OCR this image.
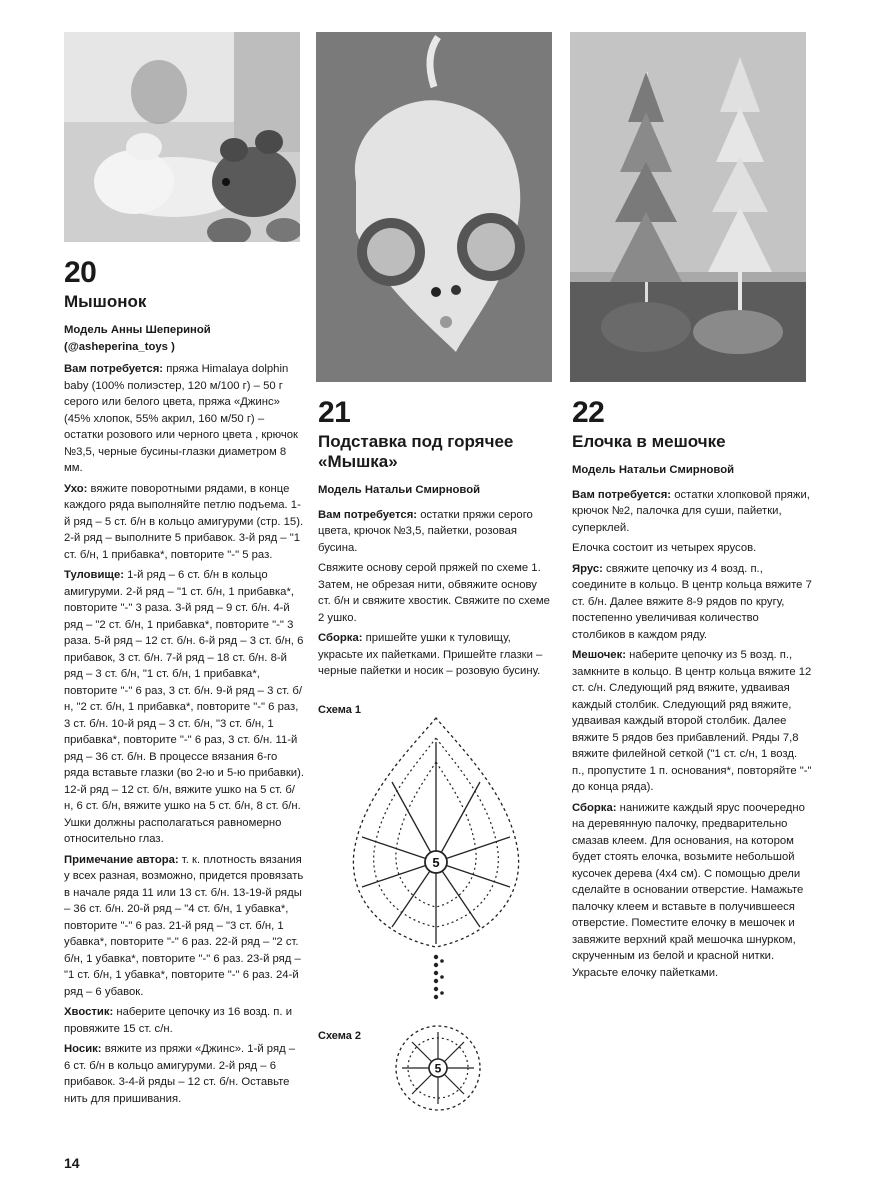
20
Мышонок
Модель Анны Шепериной
(@asheperina_toys )

Вам потребуется: пряжа Himalaya dolphin baby (100% полиэстер, 120 м/100 г) – 50 г серого или белого цвета, пряжа «Джинс» (45% хлопок, 55% акрил, 160 м/50 г) – остатки розового или черного цвета , крючок №3,5, черные бусины-глазки диаметром 8 мм.

Ухо: вяжите поворотными рядами, в конце каждого ряда выполняйте петлю подъема. 1-й ряд – 5 ст. б/н в кольцо амигуруми (стр. 15). 2-й ряд – выполните 5 прибавок. 3-й ряд – "1 ст. б/н, 1 прибавка*, повторите "-" 5 раз.

Туловище: 1-й ряд – 6 ст. б/н в кольцо амигуруми. 2-й ряд – "1 ст. б/н, 1 прибавка*, повторите "-" 3 раза. 3-й ряд – 9 ст. б/н. 4-й ряд – "2 ст. б/н, 1 прибавка*, повторите "-" 3 раза. 5-й ряд – 12 ст. б/н. 6-й ряд – 3 ст. б/н, 6 прибавок, 3 ст. б/н. 7-й ряд – 18 ст. б/н. 8-й ряд – 3 ст. б/н, "1 ст. б/н, 1 прибавка*, повторите "-" 6 раз, 3 ст. б/н. 9-й ряд – 3 ст. б/н, "2 ст. б/н, 1 прибавка*, повторите "-" 6 раз, 3 ст. б/н. 10-й ряд – 3 ст. б/н, "3 ст. б/н, 1 прибавка*, повторите "-" 6 раз, 3 ст. б/н. 11-й ряд – 36 ст. б/н. В процессе вязания 6-го ряда вставьте глазки (во 2-ю и 5-ю прибавки). 12-й ряд – 12 ст. б/н, вяжите ушко на 5 ст. б/н, 6 ст. б/н, вяжите ушко на 5 ст. б/н, 8 ст. б/н. Ушки должны располагаться равномерно относительно глаз.

Примечание автора: т. к. плотность вязания у всех разная, возможно, придется провязать в начале ряда 11 или 13 ст. б/н. 13-19-й ряды – 36 ст. б/н. 20-й ряд – "4 ст. б/н, 1 убавка*, повторите "-" 6 раз. 21-й ряд – "3 ст. б/н, 1 убавка*, повторите "-" 6 раз. 22-й ряд – "2 ст. б/н, 1 убавка*, повторите "-" 6 раз. 23-й ряд – "1 ст. б/н, 1 убавка*, повторите "-" 6 раз. 24-й ряд – 6 убавок.

Хвостик: наберите цепочку из 16 возд. п. и провяжите 15 ст. с/н.

Носик: вяжите из пряжи «Джинс». 1-й ряд – 6 ст. б/н в кольцо амигуруми. 2-й ряд – 6 прибавок. 3-4-й ряды – 12 ст. б/н. Оставьте нить для пришивания.

21
Подставка под горячее
«Мышка»
Модель Натальи Смирновой

Вам потребуется: остатки пряжи серого цвета, крючок №3,5, пайетки, розовая бусина.

Свяжите основу серой пряжей по схеме 1. Затем, не обрезая нити, обвяжите основу ст. б/н и свяжите хвостик. Свяжите по схеме 2 ушко.

Сборка: пришейте ушки к туловищу, украсьте их пайетками. Пришейте глазки – черные пайетки и носик – розовую бусину.

Схема 1
Схема 2
5
5
22
Елочка в мешочке
Модель Натальи Смирновой

Вам потребуется: остатки хлопковой пряжи, крючок №2, палочка для суши, пайетки, суперклей.

Елочка состоит из четырех ярусов.

Ярус: свяжите цепочку из 4 возд. п., соедините в кольцо. В центр кольца вяжите 7 ст. б/н. Далее вяжите 8-9 рядов по кругу, постепенно увеличивая количество столбиков в каждом ряду.

Мешочек: наберите цепочку из 5 возд. п., замкните в кольцо. В центр кольца вяжите 12 ст. с/н. Следующий ряд вяжите, удваивая каждый столбик. Следующий ряд вяжите, удваивая каждый второй столбик. Далее вяжите 5 рядов без прибавлений. Ряды 7,8 вяжите филейной сеткой ("1 ст. с/н, 1 возд. п., пропустите 1 п. основания*, повторяйте "-" до конца ряда).

Сборка: нанижите каждый ярус поочередно на деревянную палочку, предварительно смазав клеем. Для основания, на котором будет стоять елочка, возьмите небольшой кусочек дерева (4х4 см). С помощью дрели сделайте в основании отверстие. Намажьте палочку клеем и вставьте в получившееся отверстие. Поместите елочку в мешочек и завяжите верхний край мешочка шнурком, скрученным из белой и красной нитки. Украсьте елочку пайетками.

14
